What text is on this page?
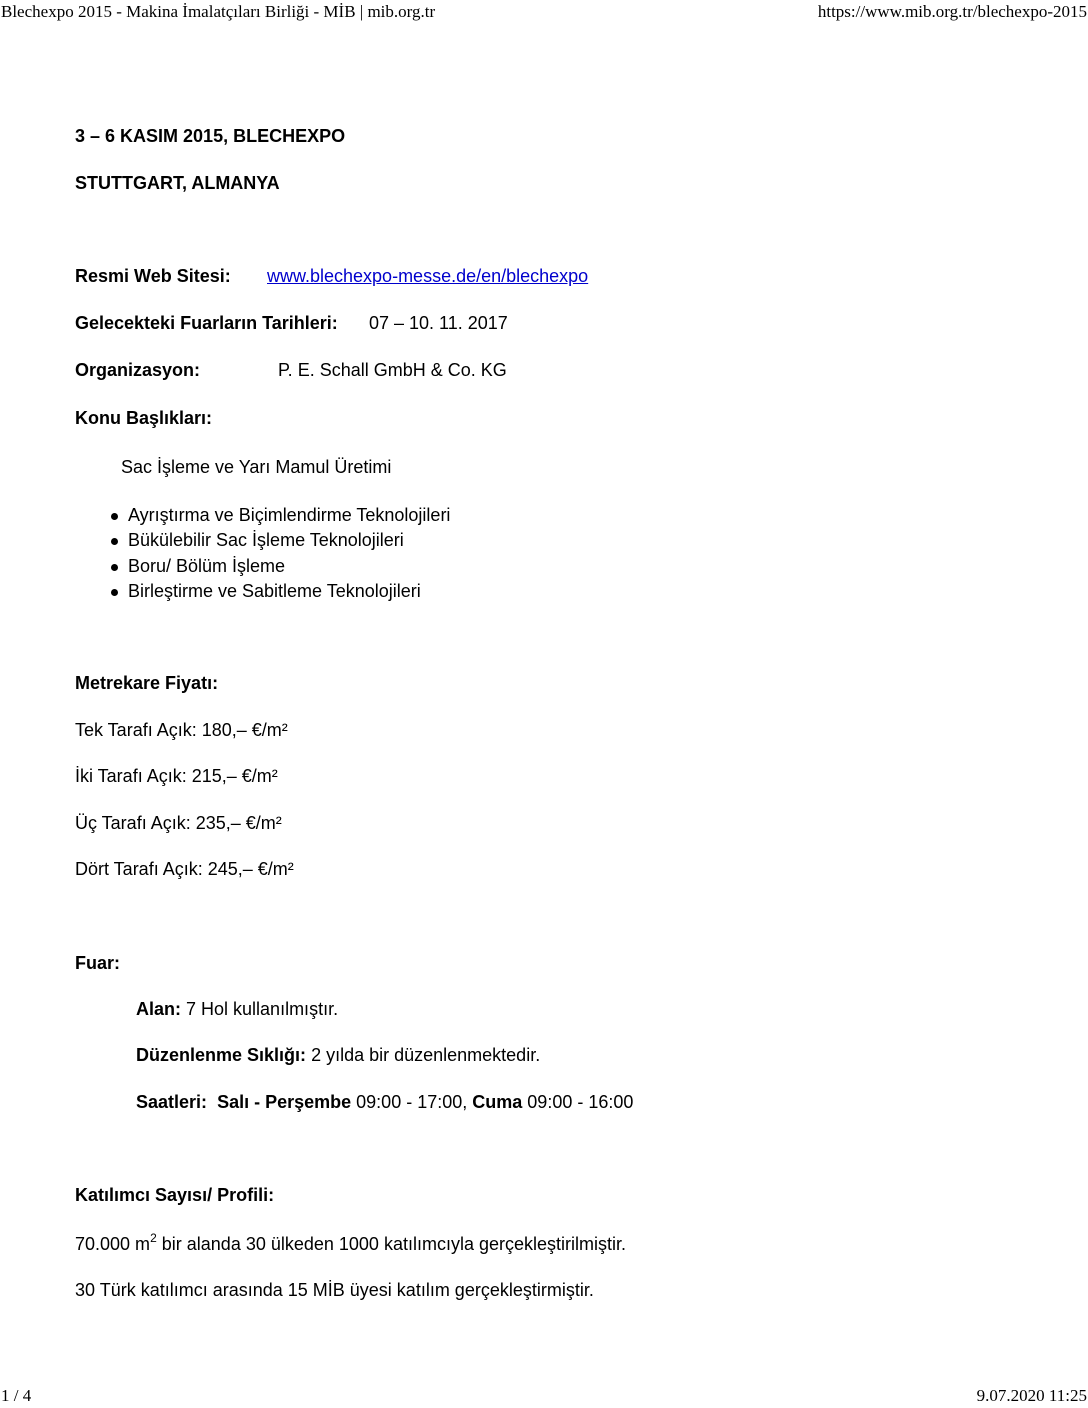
Blechexpo 2015 - Makina İmalatçıları Birliği - MİB | mib.org.tr	https://www.mib.org.tr/blechexpo-2015
3 – 6 KASIM 2015, BLECHEXPO
STUTTGART, ALMANYA
Resmi Web Sitesi: www.blechexpo-messe.de/en/blechexpo
Gelecekteki Fuarların Tarihleri: 07 – 10. 11. 2017
Organizasyon:	P. E. Schall GmbH & Co. KG
Konu Başlıkları:
Sac İşleme ve Yarı Mamul Üretimi
Ayrıştırma ve Biçimlendirme Teknolojileri
Bükülebilir Sac İşleme Teknolojileri
Boru/ Bölüm İşleme
Birleştirme ve Sabitleme Teknolojileri
Metrekare Fiyatı:
Tek Tarafı Açık: 180,– €/m²
İki Tarafı Açık: 215,– €/m²
Üç Tarafı Açık: 235,– €/m²
Dört Tarafı Açık: 245,– €/m²
Fuar:
Alan: 7 Hol kullanılmıştır.
Düzenlenme Sıklığı: 2 yılda bir düzenlenmektedir.
Saatleri: Salı - Perşembe 09:00 - 17:00, Cuma 09:00 - 16:00
Katılımcı Sayısı/ Profili:
70.000 $m^2$ bir alanda 30 ülkeden 1000 katılımcıyla gerçekleştirilmiştir.
30 Türk katılımcı arasında 15 MİB üyesi katılım gerçekleştirmiştir.
1 / 4	9.07.2020 11:25
